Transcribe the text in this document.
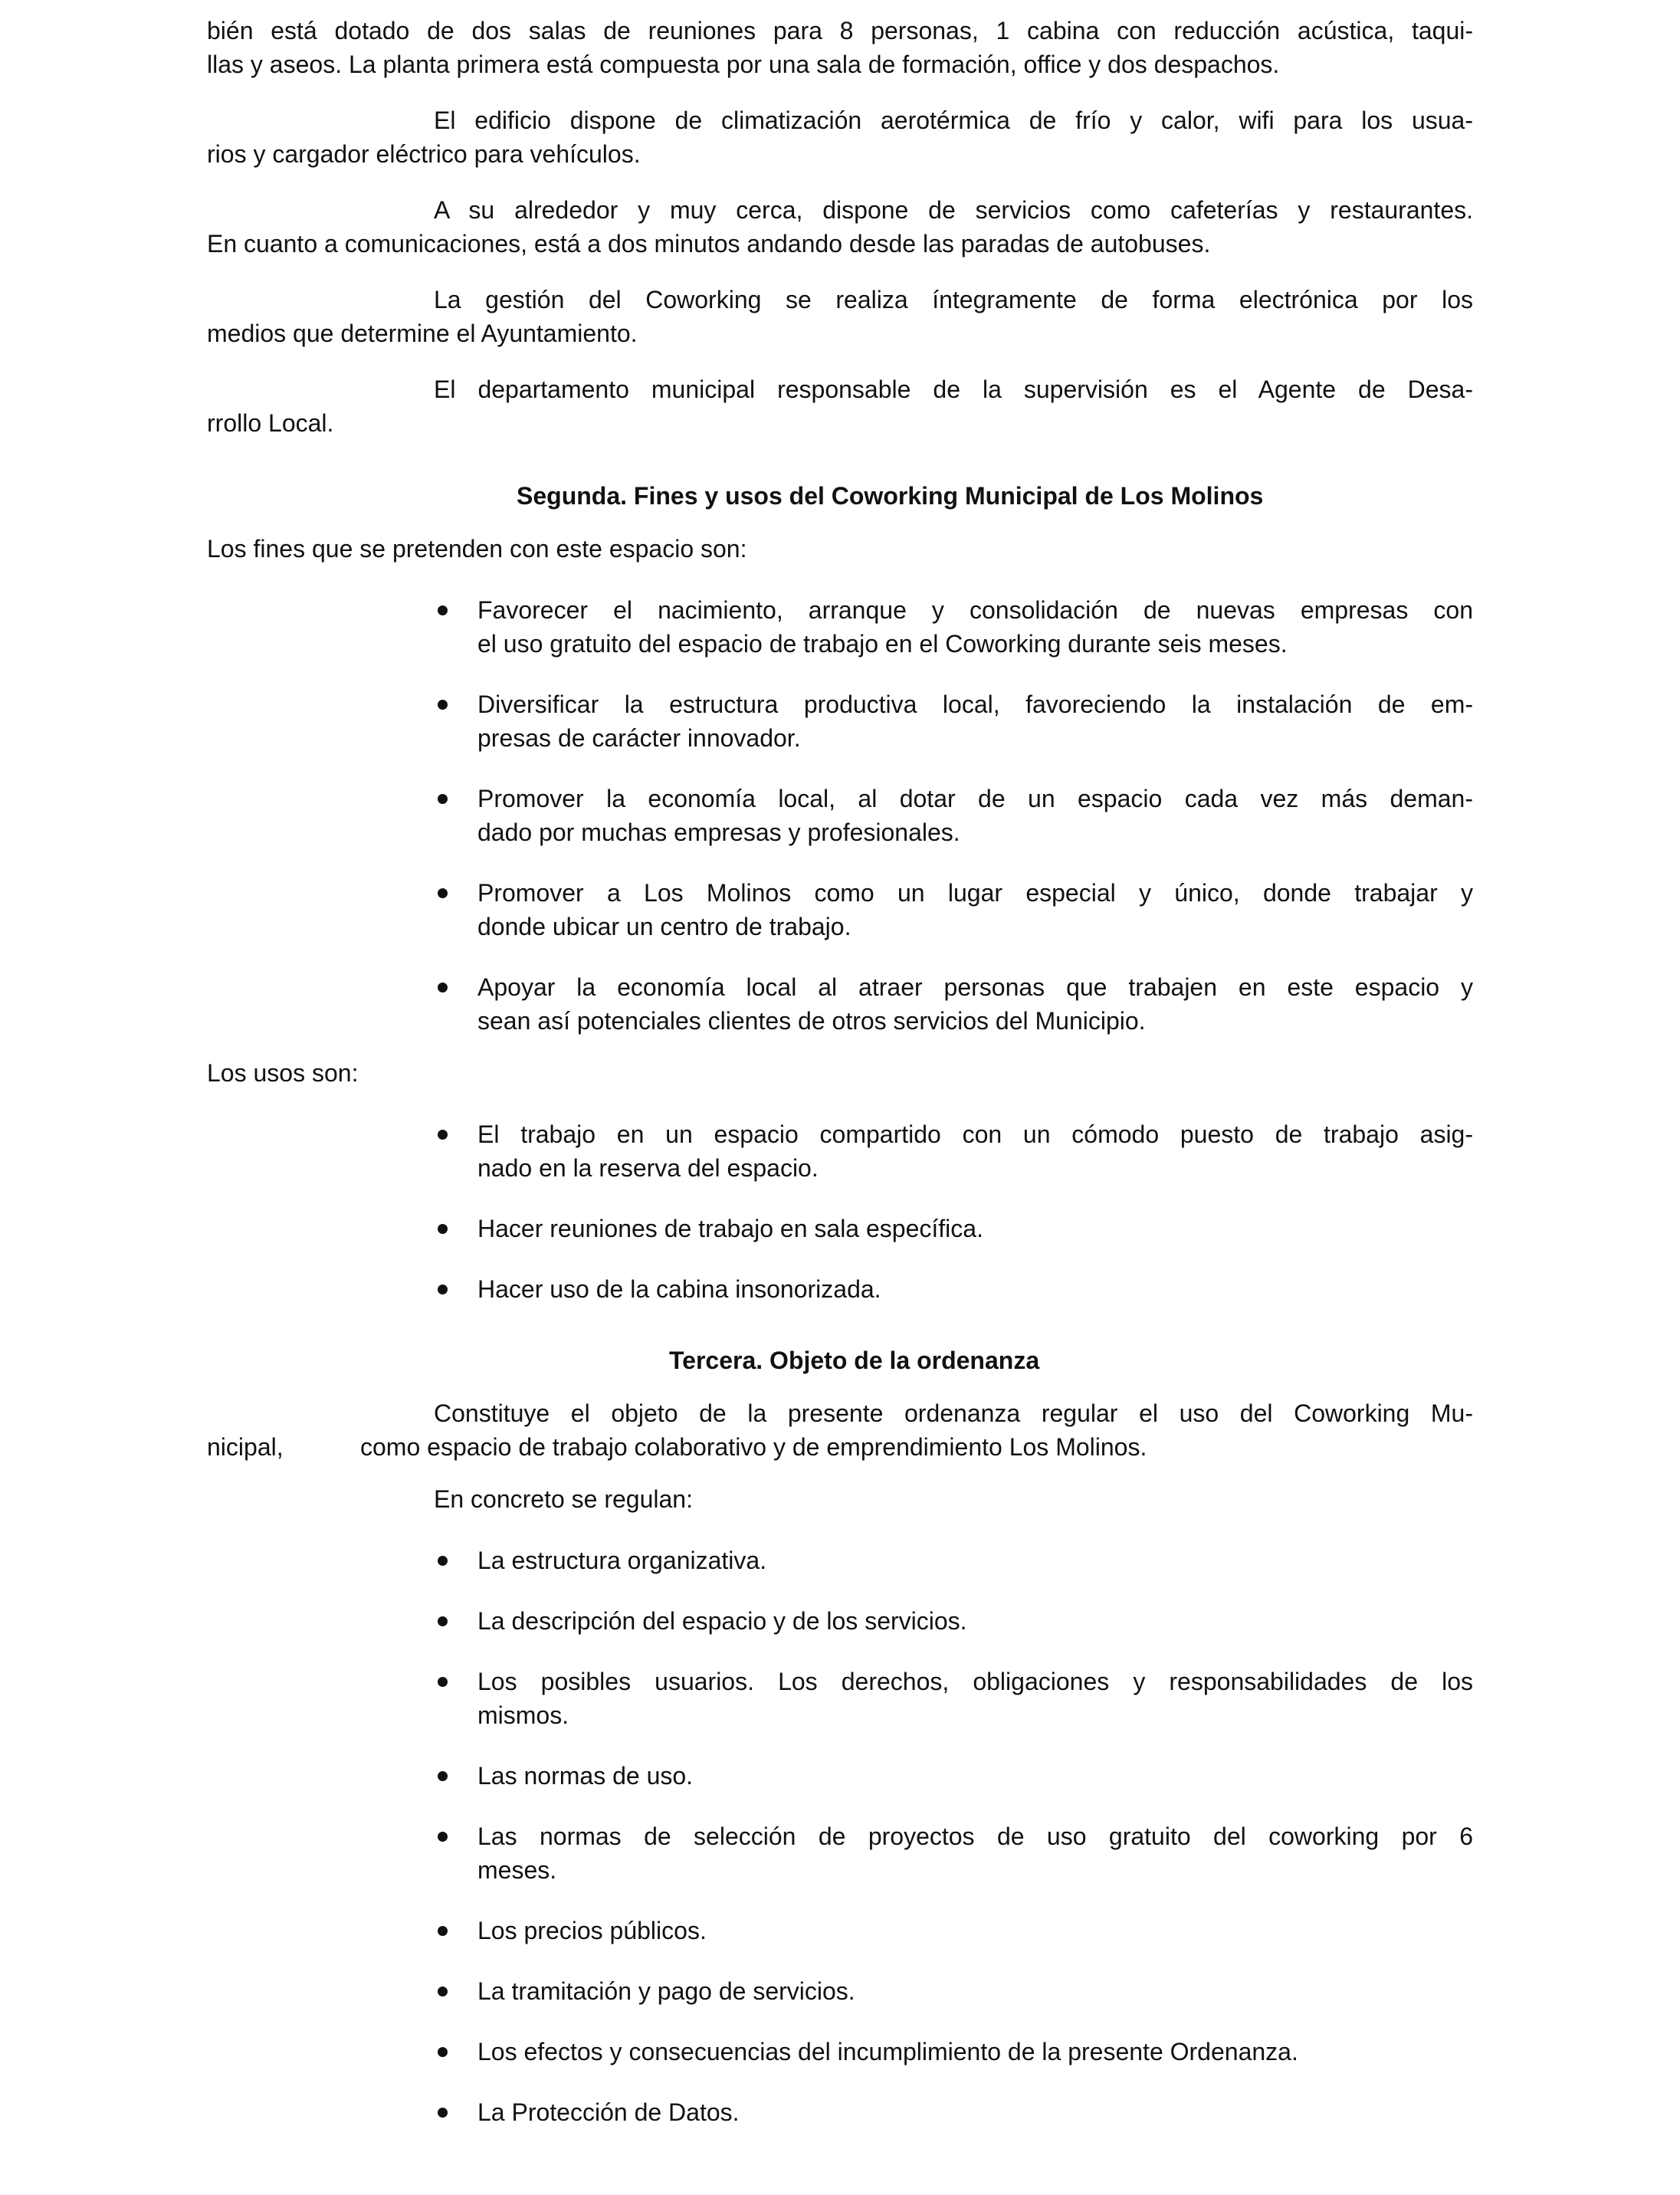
bién está dotado de dos salas de reuniones para 8 personas, 1 cabina con reducción acústica, taqui-
llas y aseos. La planta primera está compuesta por una sala de formación, office y dos despachos.
El edificio dispone de climatización aerotérmica de frío y calor, wifi para los usua-
rios y cargador eléctrico para vehículos.
A su alrededor y muy cerca, dispone de servicios como cafeterías y restaurantes.
En cuanto a comunicaciones, está a dos minutos andando desde las paradas de autobuses.
La gestión del Coworking se realiza íntegramente de forma electrónica por los
medios que determine el Ayuntamiento.
El departamento municipal responsable de la supervisión es el Agente de Desa-
rrollo Local.
Segunda. Fines y usos del Coworking Municipal de Los Molinos
Los fines que se pretenden con este espacio son:
Favorecer el nacimiento, arranque y consolidación de nuevas empresas con
el uso gratuito del espacio de trabajo en el Coworking durante seis meses.
Diversificar la estructura productiva local, favoreciendo la instalación de em-
presas de carácter innovador.
Promover la economía local, al dotar de un espacio cada vez más deman-
dado por muchas empresas y profesionales.
Promover a Los Molinos como un lugar especial y único, donde trabajar y
donde ubicar un centro de trabajo.
Apoyar la economía local al atraer personas que trabajen en este espacio y
sean así potenciales clientes de otros servicios del Municipio.
Los usos son:
El trabajo en un espacio compartido con un cómodo puesto de trabajo asig-
nado en la reserva del espacio.
Hacer reuniones de trabajo en sala específica.
Hacer uso de la cabina insonorizada.
Tercera. Objeto de la ordenanza
Constituye el objeto de la presente ordenanza regular el uso del Coworking Mu-
nicipal,	como espacio de trabajo colaborativo y de emprendimiento Los Molinos.
En concreto se regulan:
La estructura organizativa.
La descripción del espacio y de los servicios.
Los posibles usuarios. Los derechos, obligaciones y responsabilidades de los
mismos.
Las normas de uso.
Las normas de selección de proyectos de uso gratuito del coworking por 6
meses.
Los precios públicos.
La tramitación y pago de servicios.
Los efectos y consecuencias del incumplimiento de la presente Ordenanza.
La Protección de Datos.
